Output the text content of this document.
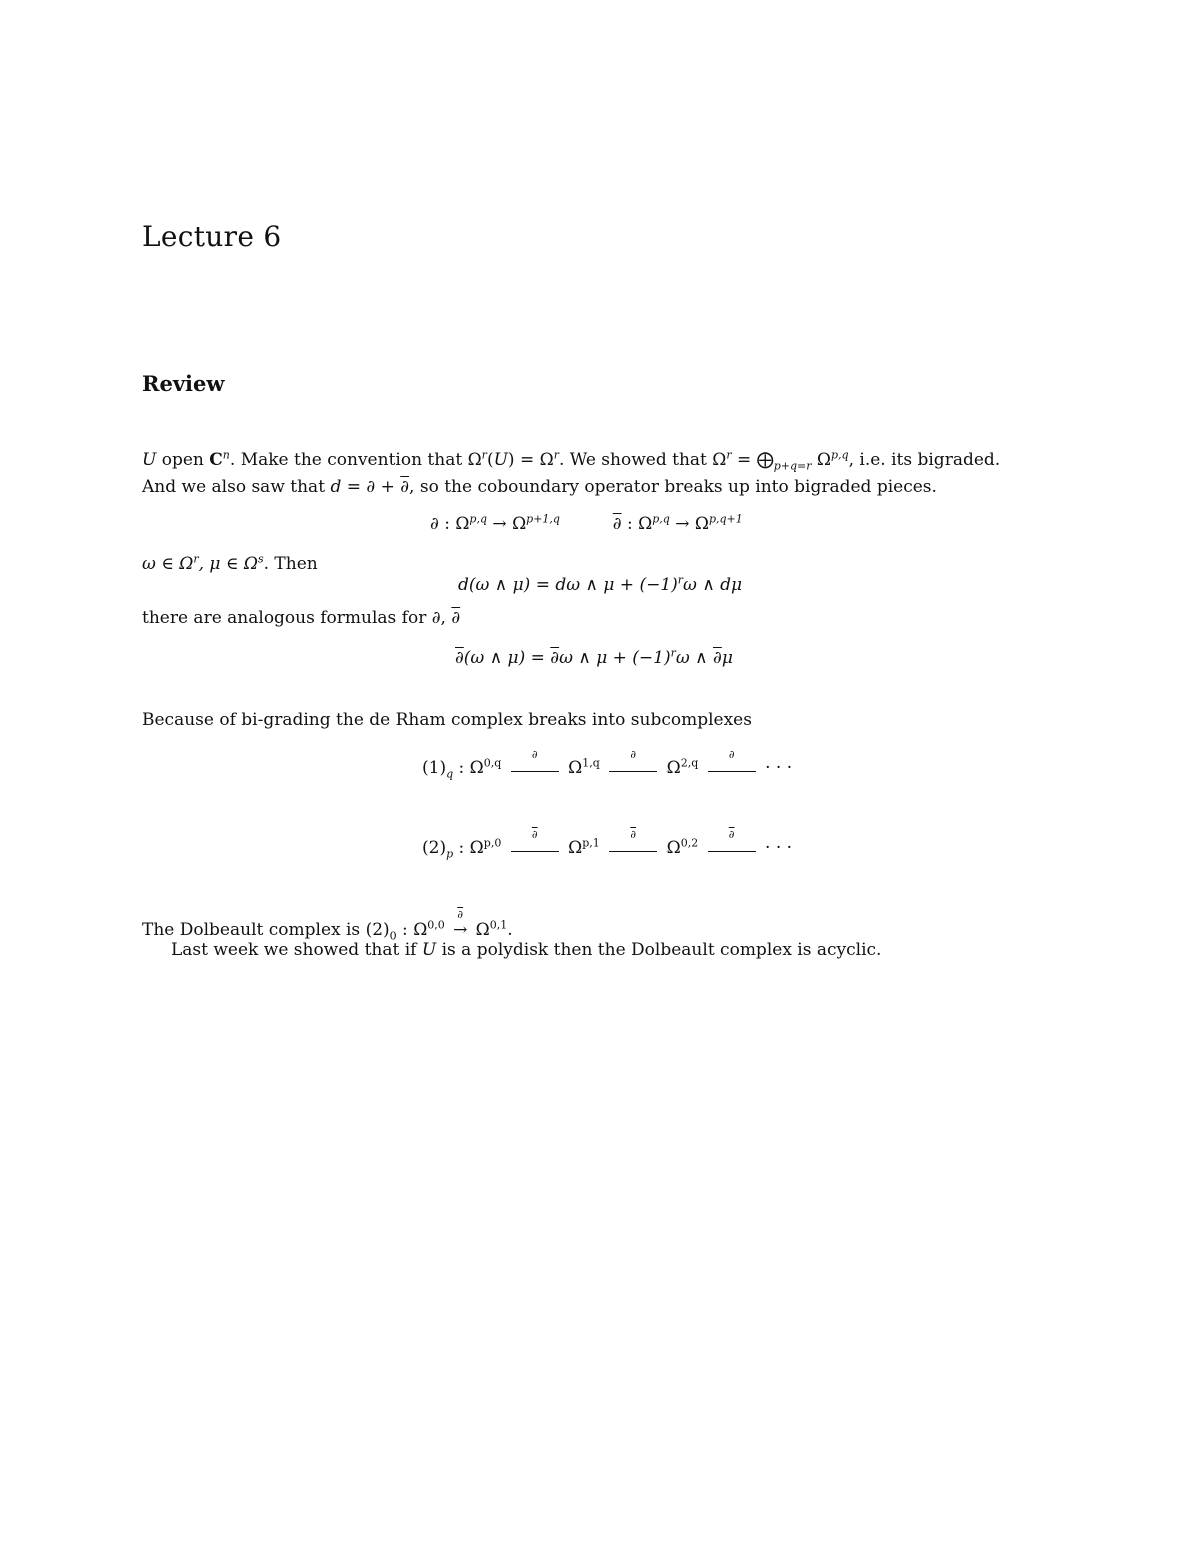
Lecture 6
Review
U open $C^n$. Make the convention that $\Omega^r(U) = \Omega^r$. We showed that $\Omega^r$ = $⨁_{p+q=r}$ Ω$^{p,q}$, i.e. its bigraded.
And we also saw that d = ∂ + ∂, so the coboundary operator breaks up into bigraded pieces.
∂ : $\Omega^{p,q} \to \Omega^{p+1,q}$	∂ : $\Omega^{p,q} \to \Omega^{p,q+1}$
ω ∈ $\Omega^r$, μ ∈ $\Omega^s$. Then
d(ω ∧ μ) = dω ∧ $\mu + (-1)^r\omega$ ∧ dμ
there are analogous formulas for ∂, ∂
∂(ω ∧ μ) = ∂ω ∧ $\mu + (-1)^r\omega$ ∧ ∂μ
Because of bi-grading the de Rham complex breaks into subcomplexes
$(1)_q$ : Ω$^{0,q}$
∂
Ω$^{1,q}$
∂
Ω$^{2,q}$
∂
· · ·
$(2)_p$ : Ω$^{p,0}$
∂
Ω$^{p,1}$
∂
Ω$^{0,2}$
∂
· · ·
The Dolbeault complex is $(2)_0$ : Ω$^{0,0}$
∂
→ Ω$^{0,1}$.
Last week we showed that if U is a polydisk then the Dolbeault complex is acyclic.
